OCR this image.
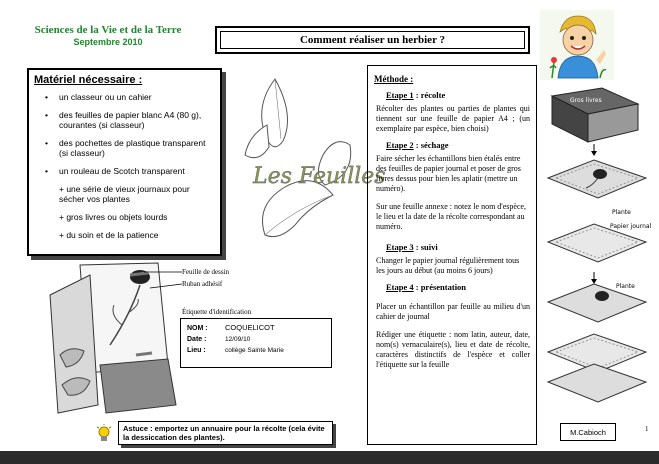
Sciences de la Vie et de la Terre
Septembre 2010	Comment réaliser un herbier ?
Matériel nécessaire :
• un classeur ou un cahier
• des feuilles de papier blanc A4 (80 g), courantes (si classeur)
• des pochettes de plastique transparent (si classeur)
• un rouleau de Scotch transparent
+ une série de vieux journaux pour sécher vos plantes
+ gros livres ou objets lourds
+ du soin et de la patience
Les Feuilles
Feuille de dessin
Ruban adhésif
Étiquette d'identification
NOM : COQUELICOT
Date :	12/09/10
Lieu :	collège Sainte Marie
Astuce : emportez un annuaire pour la récolte (cela évite la dessiccation des plantes).
Méthode :
Etape 1 : récolte

Récolter des plantes ou parties de plantes qui tiennent sur une feuille de papier A4 ; (un exemplaire par espèce, bien choisi)

Etape 2 : séchage

Faire sécher les échantillons bien étalés entre des feuilles de papier journal et poser de gros livres dessus pour bien les aplatir (mettre un numéro).

Sur une feuille annexe : notez le nom d'espèce, le lieu et la date de la récolte correspondant au numéro.

Etape 3 : suivi

Changer le papier journal régulièrement tous les jours au début (au moins 6 jours)

Etape 4 : présentation

Placer un échantillon par feuille au milieu d'un cahier de journal

Rédiger une étiquette : nom latin, auteur, date, nom(s) vernaculaire(s), lieu et date de récolte, caractères distinctifs de l'espèce et coller l'étiquette sur la feuille

Gros livres
Plante
Papier journal
Plante
M.Cabioch	1
